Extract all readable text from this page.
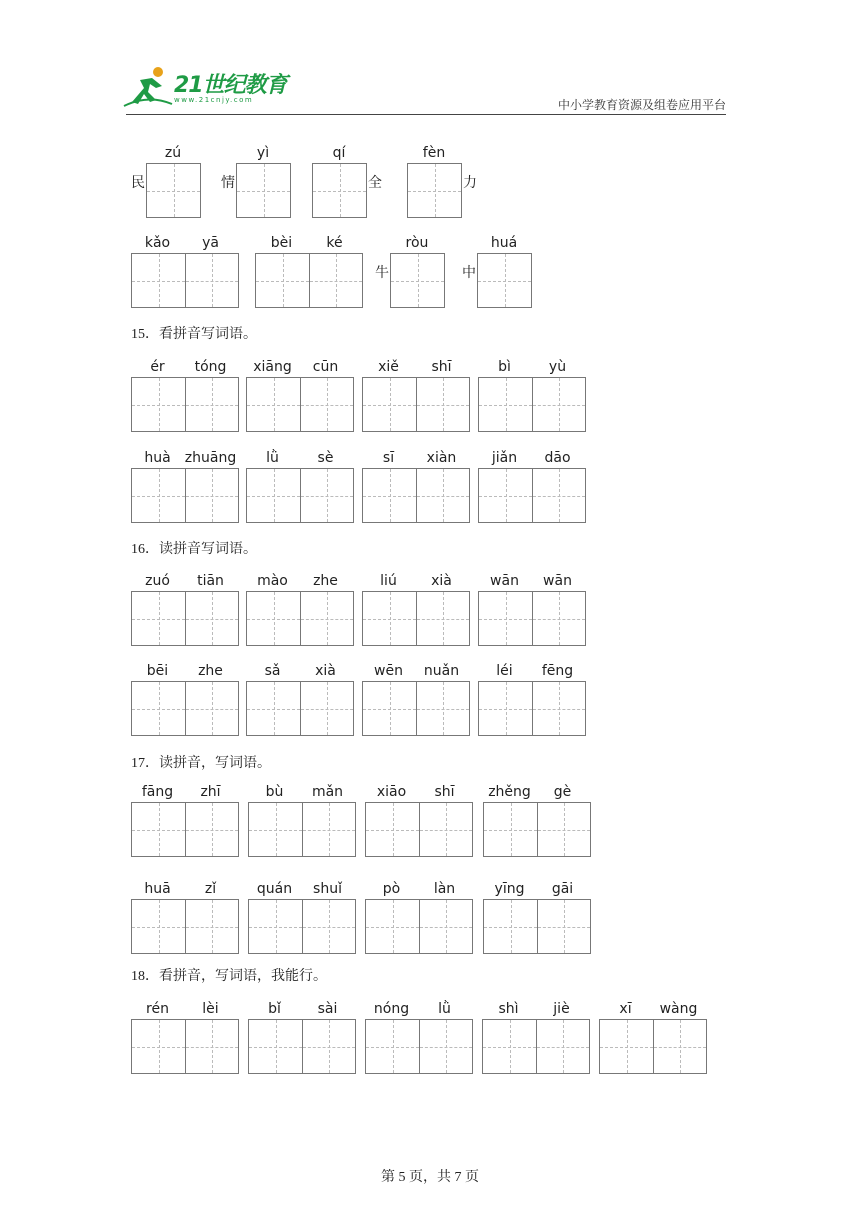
21世纪教育
www.21cnjy.com	中小学教育资源及组卷应用平台
民
zú
情
yì	qí
全
fèn
力
kǎo	yā	bèi	ké
牛
ròu
中
huá
15．看拼音写词语。
ér	tóng	xiāng	cūn	xiě	shī	bì	yù
huà	zhuāng	lǜ	sè	sī	xiàn	jiǎn	dāo
16．读拼音写词语。
zuó	tiān	mào	zhe	liú	xià	wān	wān
bēi	zhe	sǎ	xià	wēn	nuǎn	léi	fēng
17．读拼音，写词语。
fāng	zhī	bù	mǎn	xiāo	shī	zhěng	gè
huā	zǐ	quán	shuǐ	pò	làn	yīng	gāi
18．看拼音，写词语，我能行。
rén	lèi	bǐ	sài	nóng	lǜ	shì	jiè	xī	wàng
第 5 页，共 7 页
